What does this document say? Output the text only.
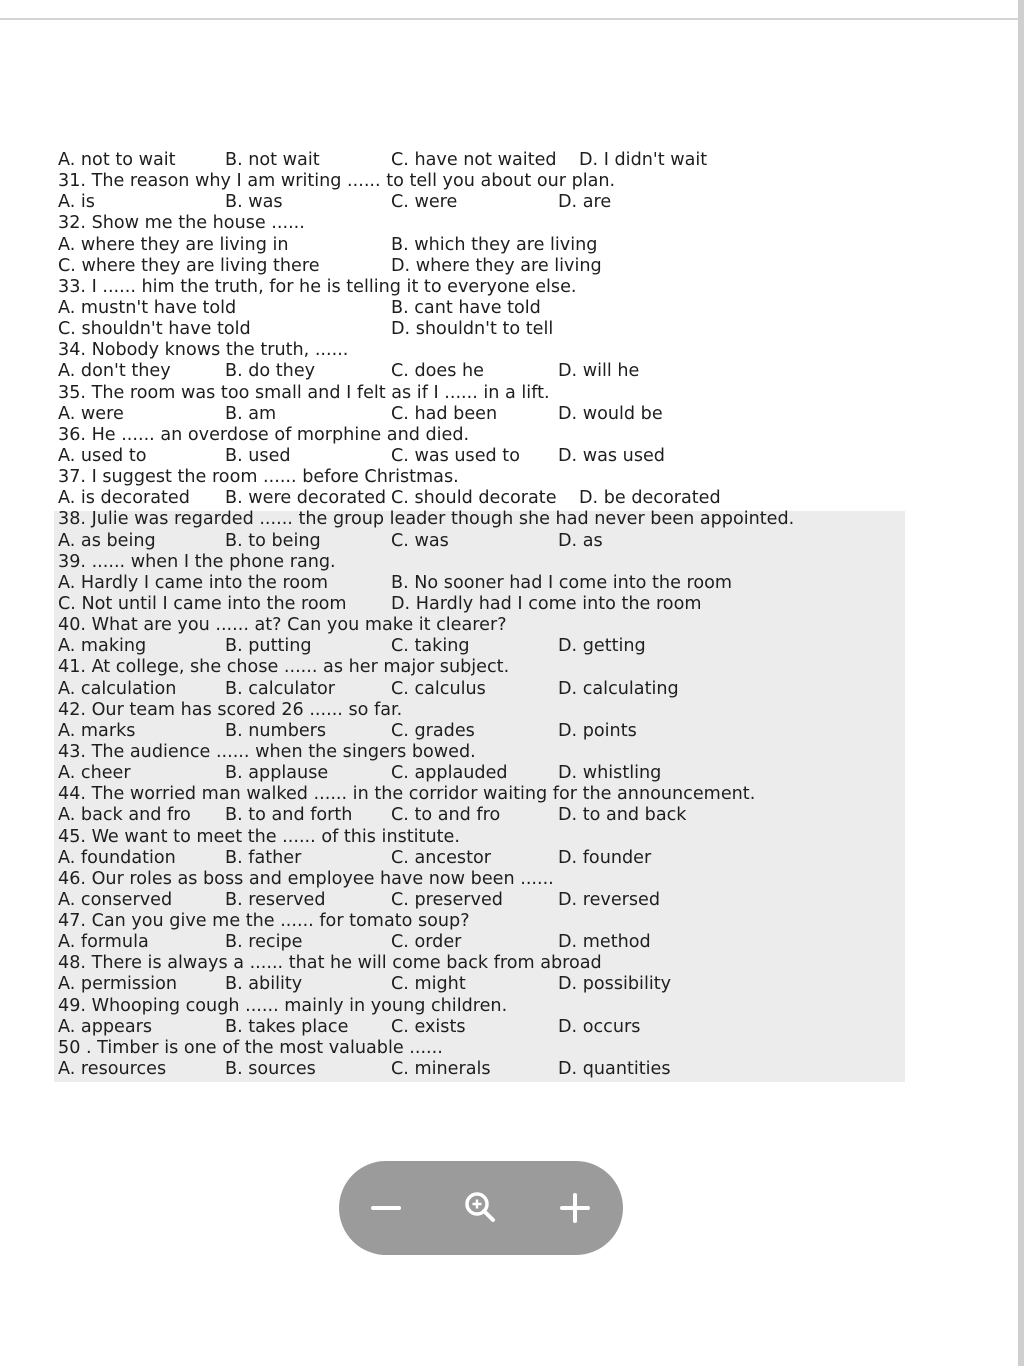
A. not to wait	B. not wait	C. have not waited D. I didn't wait
31. The reason why I am writing ...... to tell you about our plan.
A. is	B. was	C. were	D. are
32. Show me the house ......
A. where they are living in	B. which they are living
C. where they are living there	D. where they are living
33. I ...... him the truth, for he is telling it to everyone else.
A. mustn't have told	B. cant have told
C. shouldn't have told	D. shouldn't to tell
34. Nobody knows the truth, ......
A. don't they	B. do they	C. does he	D. will he
35. The room was too small and I felt as if I ...... in a lift.
A. were	B. am	C. had been	D. would be
36. He ...... an overdose of morphine and died.
A. used to	B. used	C. was used to D. was used
37. I suggest the room ...... before Christmas.
A. is decorated B. were decorated C. should decorate D. be decorated
38. Julie was regarded ...... the group leader though she had never been appointed.
A. as being	B. to being	C. was	D. as
39. ...... when I the phone rang.
A. Hardly I came into the room	B. No sooner had I come into the room
C. Not until I came into the room	D. Hardly had I come into the room
40. What are you ...... at? Can you make it clearer?
A. making	B. putting	C. taking	D. getting
41. At college, she chose ...... as her major subject.
A. calculation	B. calculator	C. calculus	D. calculating
42. Our team has scored 26 ...... so far.
A. marks	B. numbers	C. grades	D. points
43. The audience ...... when the singers bowed.
A. cheer	B. applause	C. applauded	D. whistling
44. The worried man walked ...... in the corridor waiting for the announcement.
A. back and fro B. to and forth C. to and fro	D. to and back
45. We want to meet the ...... of this institute.
A. foundation	B. father	C. ancestor	D. founder
46. Our roles as boss and employee have now been ......
A. conserved	B. reserved	C. preserved	D. reversed
47. Can you give me the ...... for tomato soup?
A. formula	B. recipe	C. order	D. method
48. There is always a ...... that he will come back from abroad
A. permission	B. ability	C. might	D. possibility
49. Whooping cough ...... mainly in young children.
A. appears	B. takes place C. exists	D. occurs
50 . Timber is one of the most valuable ......
A. resources	B. sources	C. minerals	D. quantities
